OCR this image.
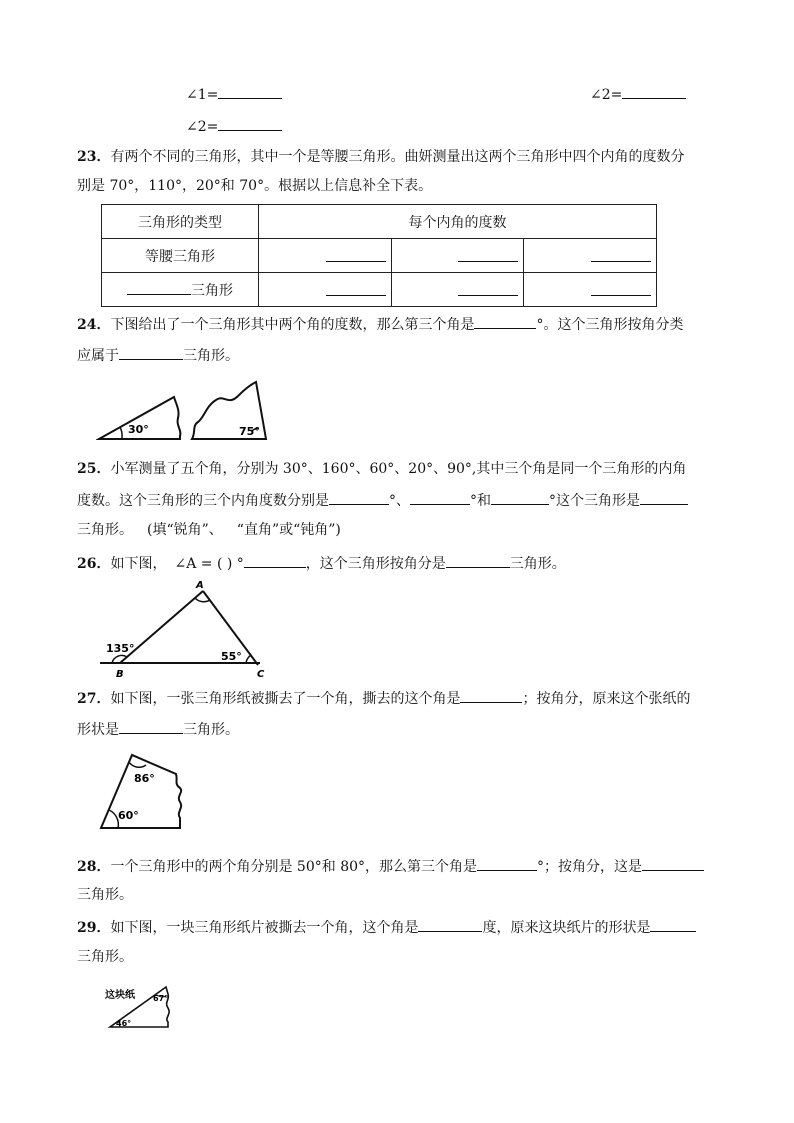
∠1=	∠2=
∠2=
23．有两个不同的三角形，其中一个是等腰三角形。曲妍测量出这两个三角形中四个内角的度数分
别是 70°，110°，20°和 70°。根据以上信息补全下表。
三角形的类型	每个内角的度数		
等腰三角形			
三角形			
24．下图给出了一个三角形其中两个角的度数，那么第三个角是	°。这个三角形按角分类
应属于	三角形。
30°	75°
25．小军测量了五个角，分别为 30°、160°、60°、20°、90°,其中三个角是同一个三角形的内角
度数。这个三角形的三个内角度数分别是	°、	°和	°这个三角形是
三角形。 (填“锐角”、 “直角”或“钝角”)
26．如下图， ∠A = ( ) °	，这个三角形按角分是	三角形。
A
135°
B
55°
C
27．如下图，一张三角形纸被撕去了一个角，撕去的这个角是	；按角分，原来这个张纸的
形状是	三角形。
86°
60°
28．一个三角形中的两个角分别是 50°和 80°，那么第三个角是	°；按角分，这是
三角形。
29．如下图，一块三角形纸片被撕去一个角，这个角是	度，原来这块纸片的形状是
三角形。
这块纸 67°
46°
